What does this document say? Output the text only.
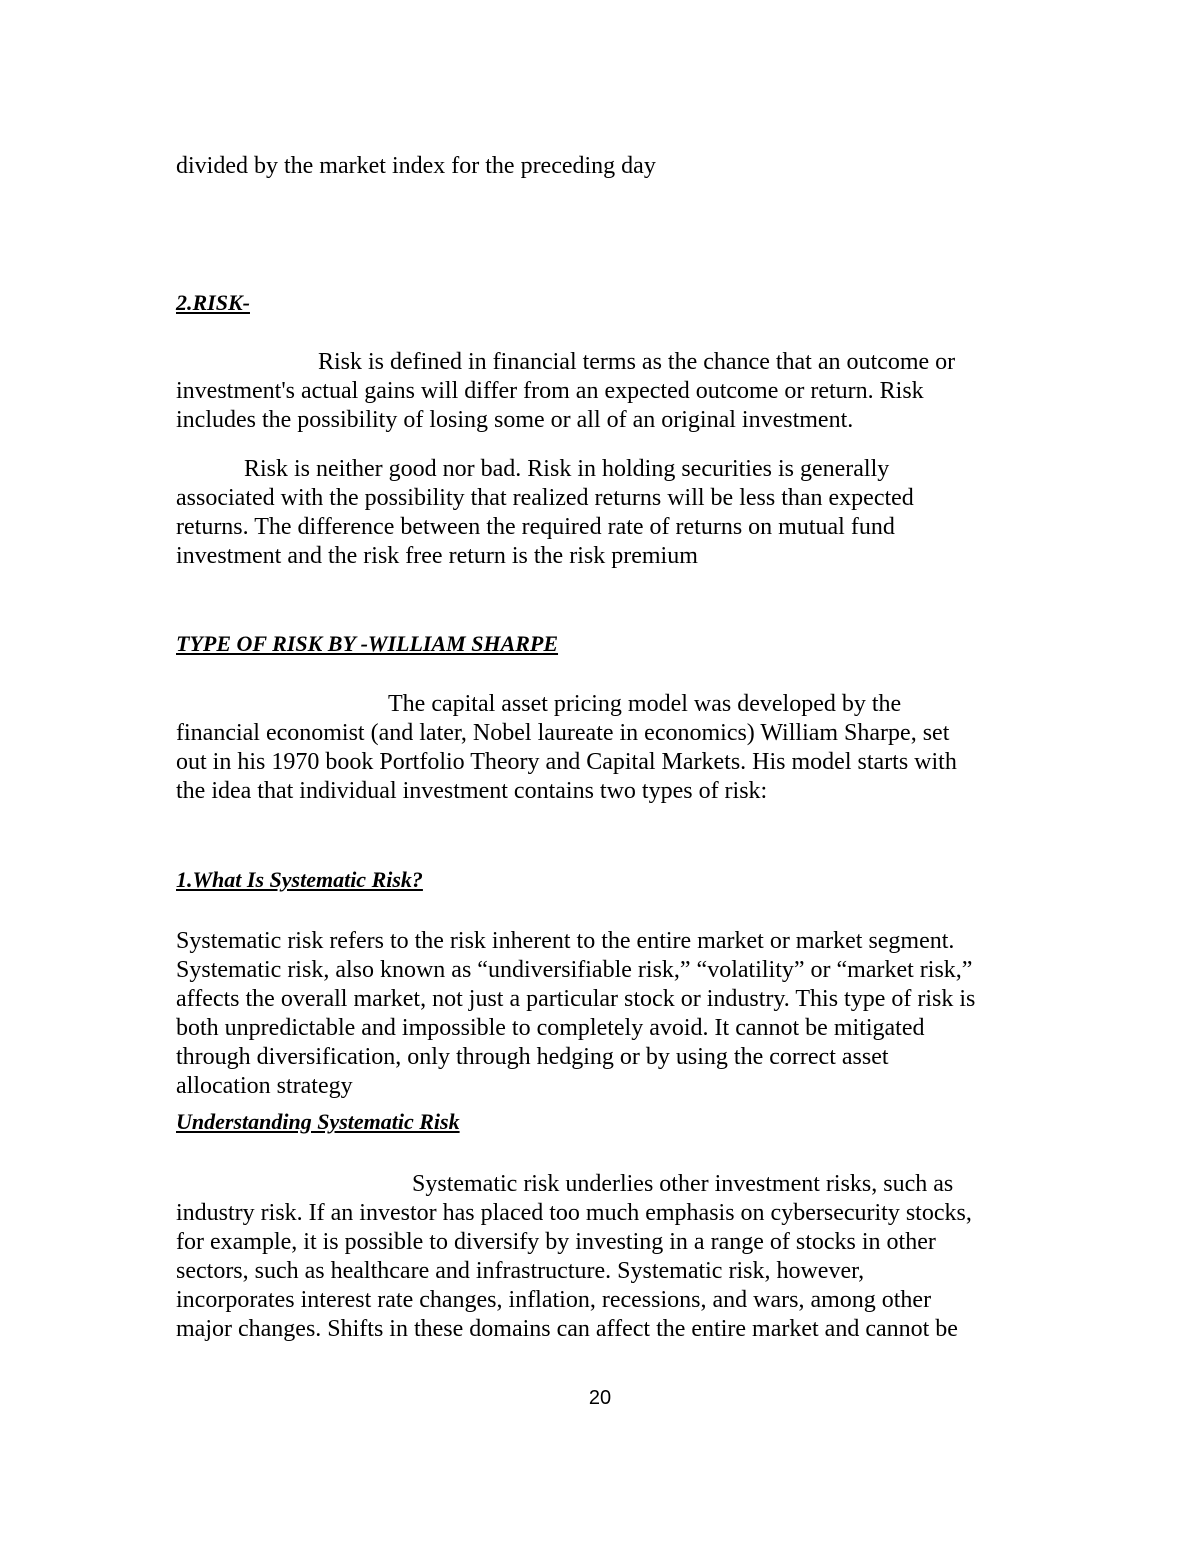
divided by the market index for the preceding day

2.RISK-

Risk is defined in financial terms as the chance that an outcome or
investment's actual gains will differ from an expected outcome or return. Risk
includes the possibility of losing some or all of an original investment.

Risk is neither good nor bad. Risk in holding securities is generally
associated with the possibility that realized returns will be less than expected
returns. The difference between the required rate of returns on mutual fund
investment and the risk free return is the risk premium

TYPE OF RISK BY -WILLIAM SHARPE

The capital asset pricing model was developed by the
financial economist (and later, Nobel laureate in economics) William Sharpe, set
out in his 1970 book Portfolio Theory and Capital Markets. His model starts with
the idea that individual investment contains two types of risk:

1.What Is Systematic Risk?

Systematic risk refers to the risk inherent to the entire market or market segment.
Systematic risk, also known as “undiversifiable risk,” “volatility” or “market risk,”
affects the overall market, not just a particular stock or industry. This type of risk is
both unpredictable and impossible to completely avoid. It cannot be mitigated
through diversification, only through hedging or by using the correct asset
allocation strategy

Understanding Systematic Risk

Systematic risk underlies other investment risks, such as
industry risk. If an investor has placed too much emphasis on cybersecurity stocks,
for example, it is possible to diversify by investing in a range of stocks in other
sectors, such as healthcare and infrastructure. Systematic risk, however,
incorporates interest rate changes, inflation, recessions, and wars, among other
major changes. Shifts in these domains can affect the entire market and cannot be

20
